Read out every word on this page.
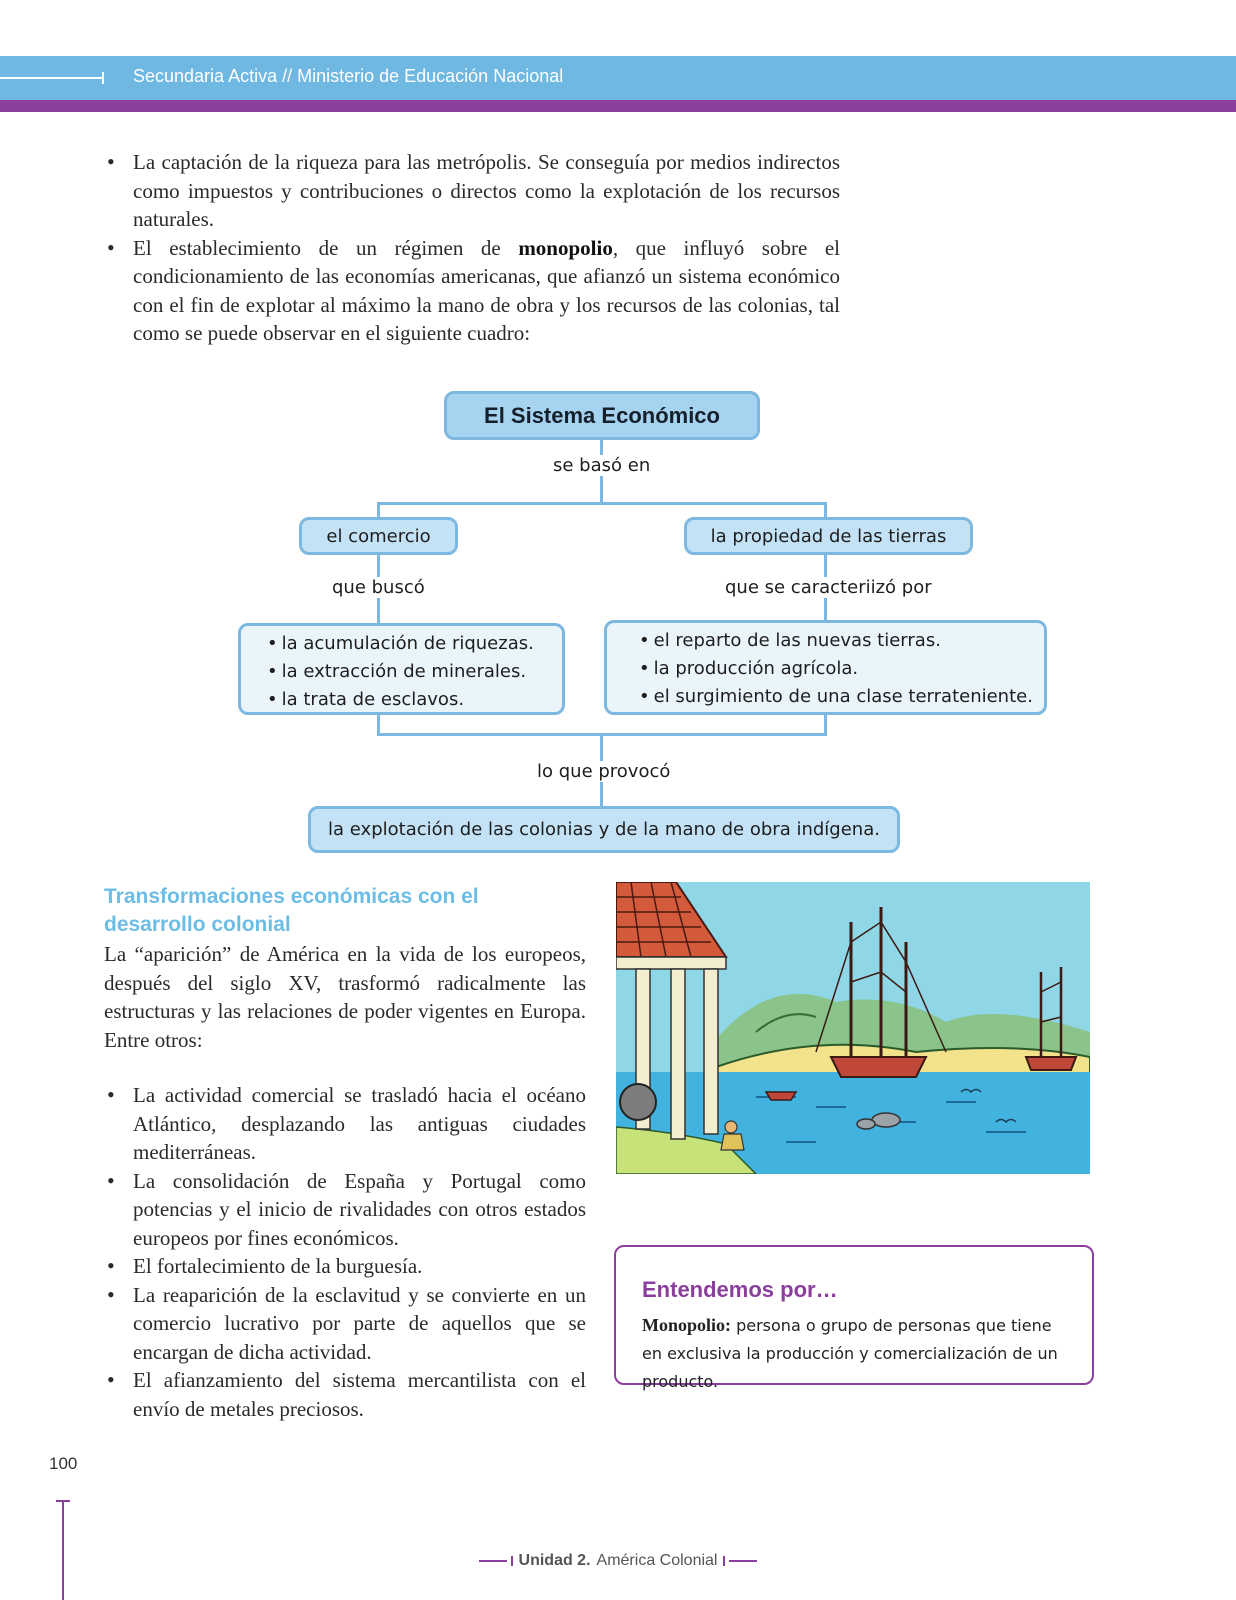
Secundaria Activa // Ministerio de Educación Nacional
• La captación de la riqueza para las metrópolis. Se conseguía por medios indirectos como impuestos y contribuciones o directos como la explotación de los recursos naturales.
• El establecimiento de un régimen de monopolio, que influyó sobre el condicionamiento de las economías americanas, que afianzó un sistema económico con el fin de explotar al máximo la mano de obra y los recursos de las colonias, tal como se puede observar en el siguiente cuadro:
El Sistema Económico
se basó en
el comercio	la propiedad de las tierras
que buscó	que se caracteriizó por
• la acumulación de riquezas.
• la extracción de minerales.
• la trata de esclavos.
• el reparto de las nuevas tierras.
• la producción agrícola.
• el surgimiento de una clase terrateniente.
lo que provocó
la explotación de las colonias y de la mano de obra indígena.
Transformaciones económicas con el desarrollo colonial
La “aparición” de América en la vida de los europeos, después del siglo XV, trasformó radicalmente las estructuras y las relaciones de poder vigentes en Europa. Entre otros:
• La actividad comercial se trasladó hacia el océano Atlántico, desplazando las antiguas ciudades mediterráneas.
• La consolidación de España y Portugal como potencias y el inicio de rivalidades con otros estados europeos por fines económicos.
• El fortalecimiento de la burguesía.
• La reaparición de la esclavitud y se convierte en un comercio lucrativo por parte de aquellos que se encargan de dicha actividad.
• El afianzamiento del sistema mercantilista con el envío de metales preciosos.
Entendemos por…
Monopolio: persona o grupo de personas que tiene en exclusiva la producción y comercialización de un producto.
100
Unidad 2. América Colonial
